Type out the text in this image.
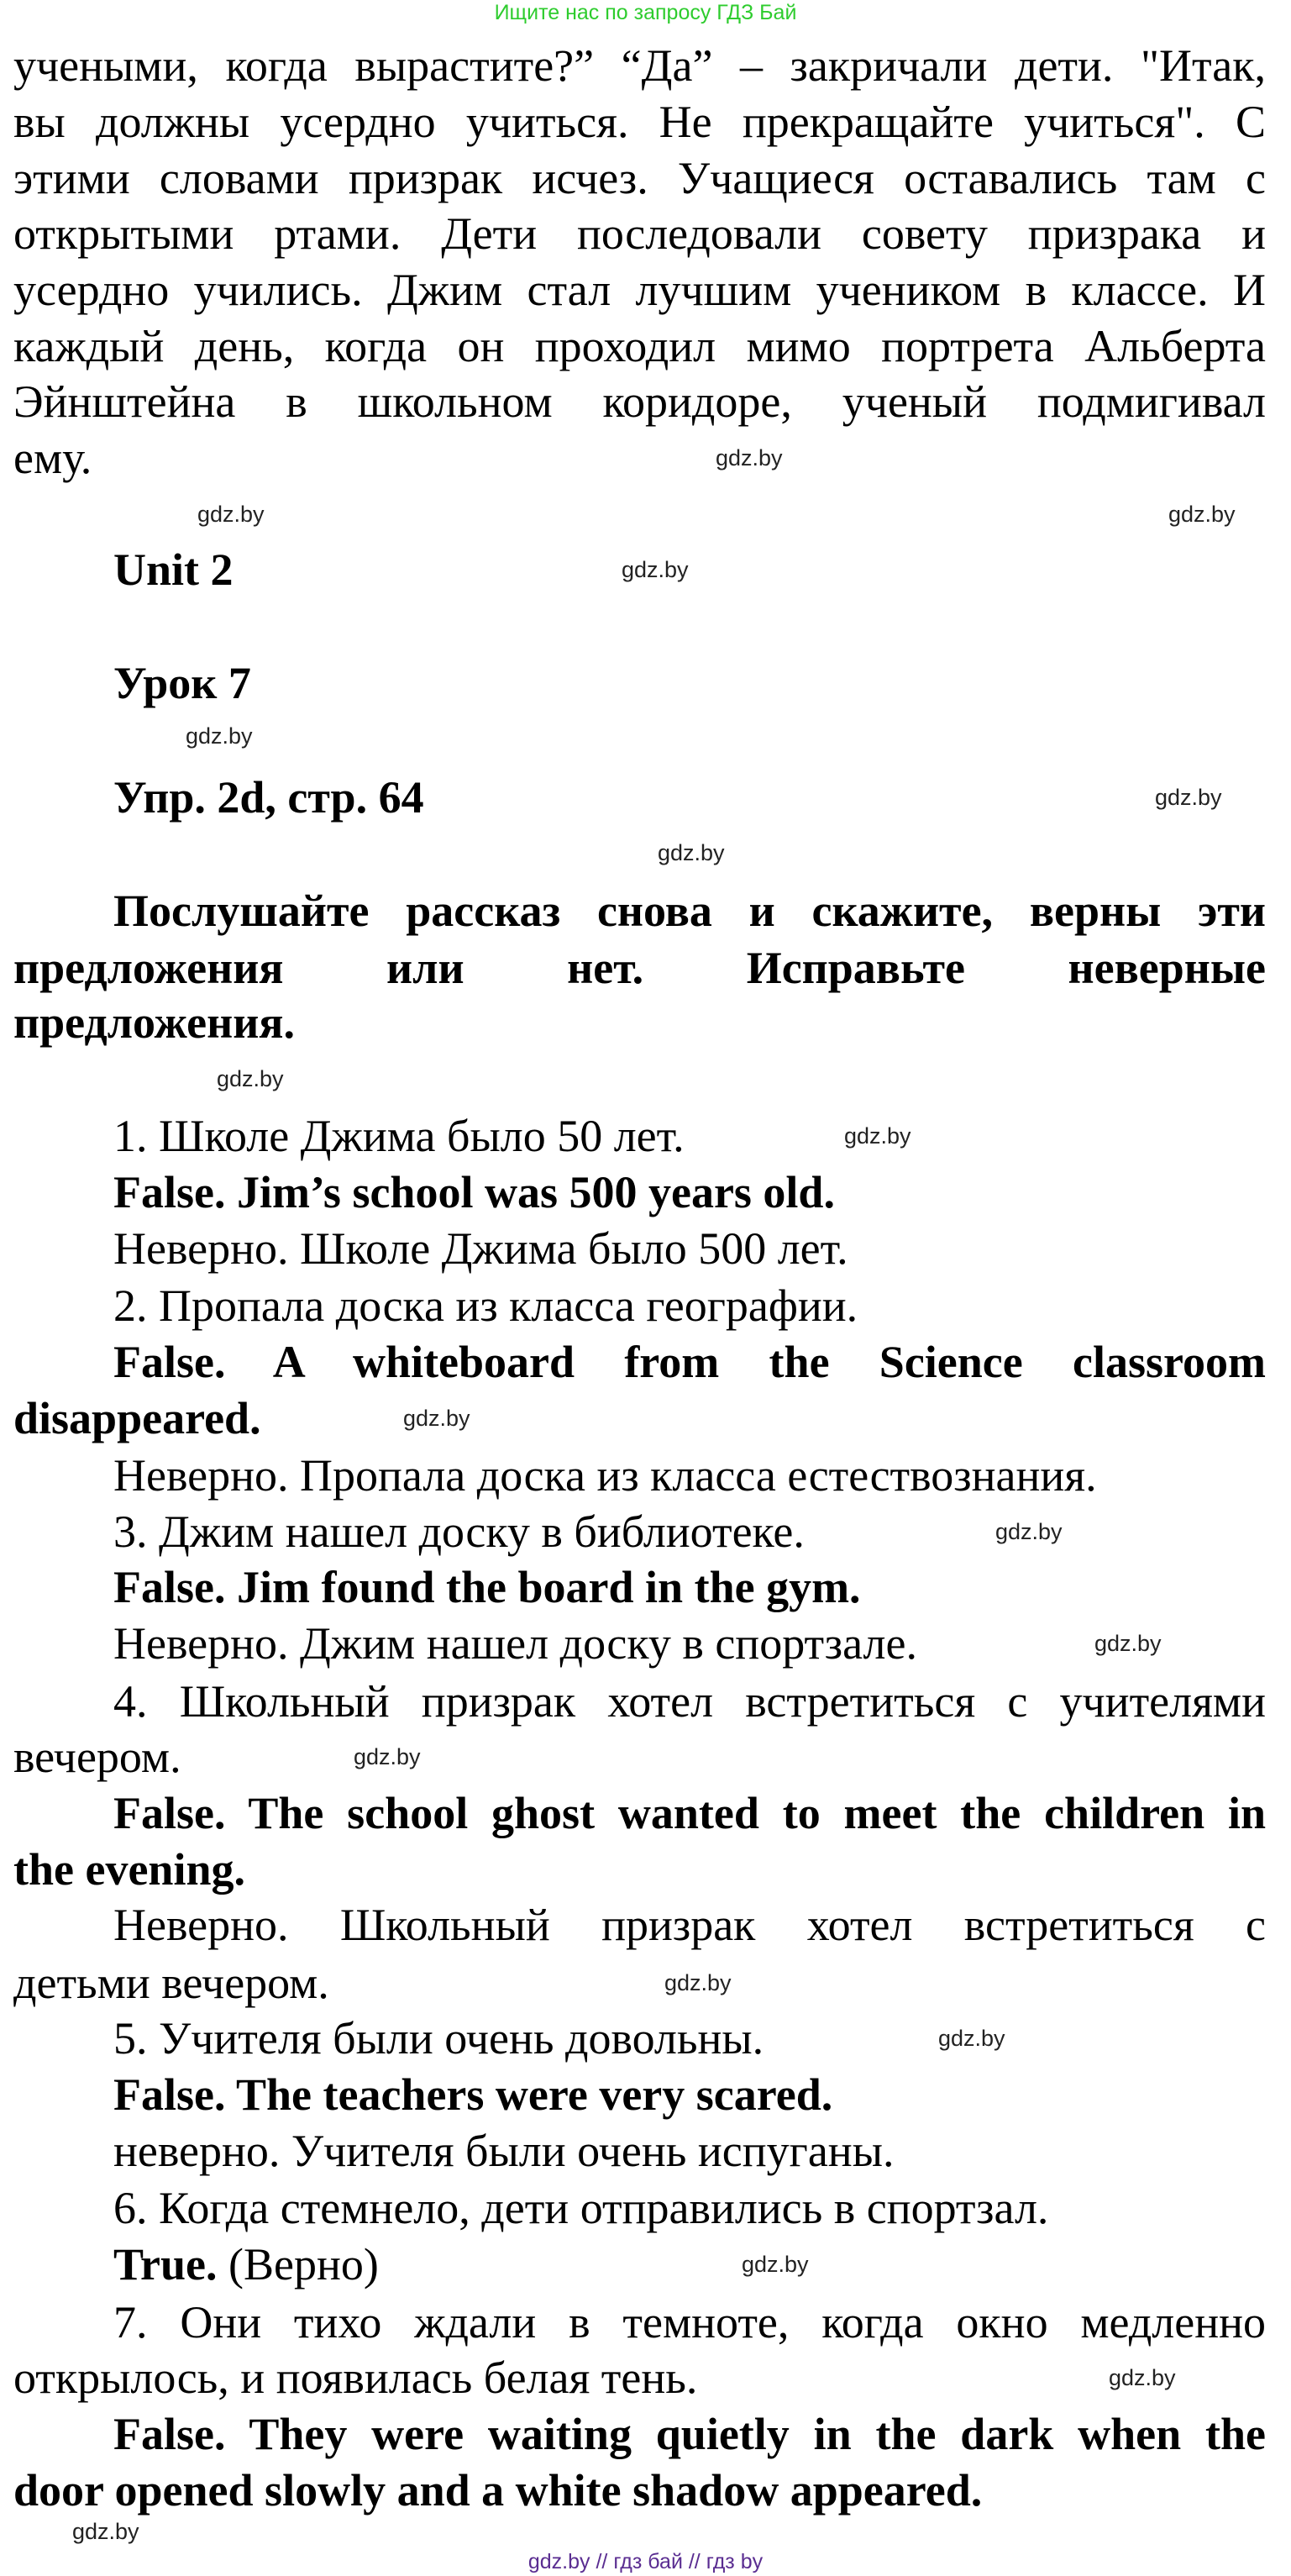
Ищите нас по запросу ГДЗ Бай
учеными, когда вырастите?” “Да” – закричали дети. "Итак,
вы должны усердно учиться. Не прекращайте учиться". С
этими словами призрак исчез. Учащиеся оставались там с
открытыми ртами. Дети последовали совету призрака и
усердно учились. Джим стал лучшим учеником в классе. И
каждый день, когда он проходил мимо портрета Альберта
Эйнштейна в школьном коридоре, ученый подмигивал
ему.
Unit 2
Урок 7
Упр. 2d, стр. 64
Послушайте рассказ снова и скажите, верны эти
предложения или нет. Исправьте неверные
предложения.
1. Школе Джима было 50 лет.
False. Jim’s school was 500 years old.
Неверно. Школе Джима было 500 лет.
2. Пропала доска из класса географии.
False. A whiteboard from the Science classroom
disappeared.
Неверно. Пропала доска из класса естествознания.
3. Джим нашел доску в библиотеке.
False. Jim found the board in the gym.
Неверно. Джим нашел доску в спортзале.
4. Школьный призрак хотел встретиться с учителями
вечером.
False. The school ghost wanted to meet the children in
the evening.
Неверно. Школьный призрак хотел встретиться с
детьми вечером.
5. Учителя были очень довольны.
False. The teachers were very scared.
неверно. Учителя были очень испуганы.
6. Когда стемнело, дети отправились в спортзал.
True. (Верно)
7. Они тихо ждали в темноте, когда окно медленно
открылось, и появилась белая тень.
False. They were waiting quietly in the dark when the
door opened slowly and a white shadow appeared.
gdz.by
gdz.by	gdz.by
gdz.by
gdz.by
gdz.by
gdz.by
gdz.by
gdz.by
gdz.by
gdz.by
gdz.by
gdz.by
gdz.by
gdz.by
gdz.by
gdz.by
gdz.by
gdz.by // гдз бай // гдз by
